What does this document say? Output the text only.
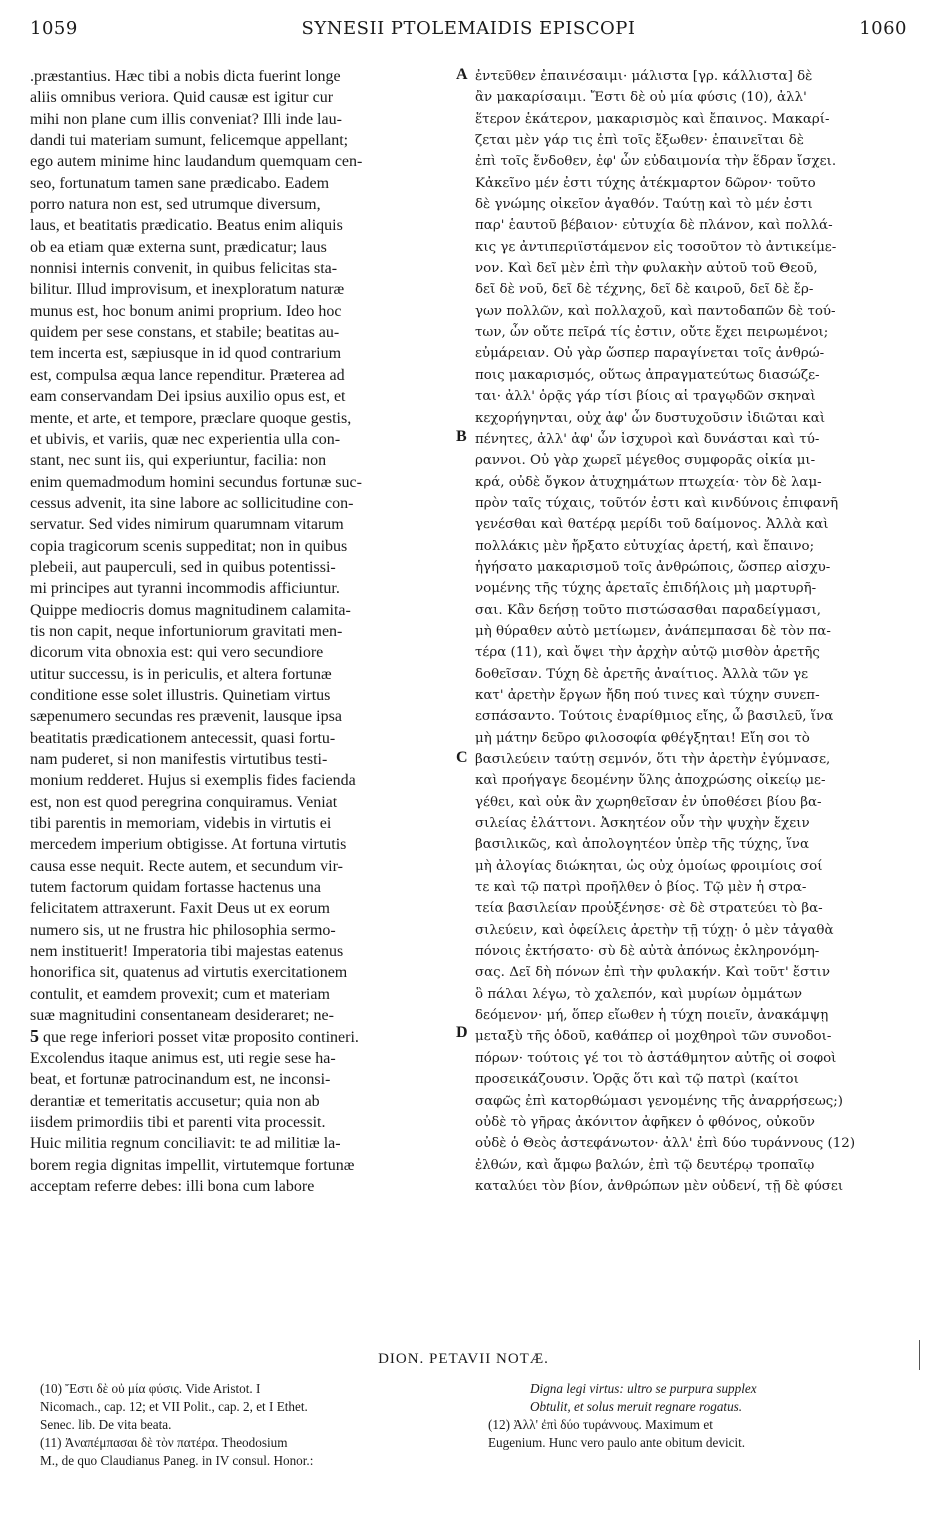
1059	SYNESII PTOLEMAIDIS EPISCOPI	1060
.præstantius. Hæc tibi a nobis dicta fuerint longe
aliis omnibus veriora. Quid causæ est igitur cur
mihi non plane cum illis conveniat? Illi inde lau-
dandi tui materiam sumunt, felicemque appellant;
ego autem minime hinc laudandum quemquam cen-
seo, fortunatum tamen sane prædicabo. Eadem
porro natura non est, sed utrumque diversum,
laus, et beatitatis prædicatio. Beatus enim aliquis
ob ea etiam quæ externa sunt, prædicatur; laus
nonnisi internis convenit, in quibus felicitas sta-
bilitur. Illud improvisum, et inexploratum naturæ
munus est, hoc bonum animi proprium. Ideo hoc
quidem per sese constans, et stabile; beatitas au-
tem incerta est, sæpiusque in id quod contrarium
est, compulsa æqua lance rependitur. Præterea ad
eam conservandam Dei ipsius auxilio opus est, et
mente, et arte, et tempore, præclare quoque gestis,
et ubivis, et variis, quæ nec experientia ulla con-
stant, nec sunt iis, qui experiuntur, facilia: non
enim quemadmodum homini secundus fortunæ suc-
cessus advenit, ita sine labore ac sollicitudine con-
servatur. Sed vides nimirum quarumnam vitarum
copia tragicorum scenis suppeditat; non in quibus
plebeii, aut pauperculi, sed in quibus potentissi-
mi principes aut tyranni incommodis afficiuntur.
Quippe mediocris domus magnitudinem calamita-
tis non capit, neque infortuniorum gravitati men-
dicorum vita obnoxia est: qui vero secundiore
utitur successu, is in periculis, et altera fortunæ
conditione esse solet illustris. Quinetiam virtus
sæpenumero secundas res prævenit, lausque ipsa
beatitatis prædicationem antecessit, quasi fortu-
nam puderet, si non manifestis virtutibus testi-
monium redderet. Hujus si exemplis fides facienda
est, non est quod peregrina conquiramus. Veniat
tibi parentis in memoriam, videbis in virtutis ei
mercedem imperium obtigisse. At fortuna virtutis
causa esse nequit. Recte autem, et secundum vir-
tutem factorum quidam fortasse hactenus una
felicitatem attraxerunt. Faxit Deus ut ex eorum
numero sis, ut ne frustra hic philosophia sermo-
nem instituerit! Imperatoria tibi majestas eatenus
honorifica sit, quatenus ad virtutis exercitationem
contulit, et eamdem provexit; cum et materiam
suæ magnitudini consentaneam desideraret; ne-
5 que rege inferiori posset vitæ proposito contineri.
Excolendus itaque animus est, uti regie sese ha-
beat, et fortunæ patrocinandum est, ne inconsi-
derantiæ et temeritatis accusetur; quia non ab
iisdem primordiis tibi et parenti vita processit.
Huic militia regnum conciliavit: te ad militiæ la-
borem regia dignitas impellit, virtutemque fortunæ
acceptam referre debes: illi bona cum labore
ἐντεῦθεν ἐπαινέσαιμι· μάλιστα [γρ. κάλλιστα] δὲ
ἂν μακαρίσαιμι. Ἔστι δὲ οὐ μία φύσις (10), ἀλλ'
ἕτερον ἑκάτερον, μακαρισμὸς καὶ ἔπαινος. Μακαρί-
ζεται μὲν γάρ τις ἐπὶ τοῖς ἔξωθεν· ἐπαινεῖται δὲ
ἐπὶ τοῖς ἔνδοθεν, ἐφ' ὧν εὐδαιμονία τὴν ἕδραν ἴσχει.
Κἀκεῖνο μέν ἐστι τύχης ἀτέκμαρτον δῶρον· τοῦτο
δὲ γνώμης οἰκεῖον ἀγαθόν. Ταύτῃ καὶ τὸ μέν ἐστι
παρ' ἑαυτοῦ βέβαιον· εὐτυχία δὲ πλάνον, καὶ πολλά-
κις γε ἀντιπεριϊστάμενον εἰς τοσοῦτον τὸ ἀντικείμε-
νον. Καὶ δεῖ μὲν ἐπὶ τὴν φυλακὴν αὐτοῦ τοῦ Θεοῦ,
δεῖ δὲ νοῦ, δεῖ δὲ τέχνης, δεῖ δὲ καιροῦ, δεῖ δὲ ἔρ-
γων πολλῶν, καὶ πολλαχοῦ, καὶ παντοδαπῶν δὲ τού-
των, ὧν οὔτε πεῖρά τίς ἐστιν, οὔτε ἔχει πειρωμένοι;
εὐμάρειαν. Οὐ γὰρ ὥσπερ παραγίνεται τοῖς ἀνθρώ-
ποις μακαρισμός, οὕτως ἀπραγματεύτως διασώζε-
ται· ἀλλ' ὁρᾷς γάρ τίσι βίοις αἱ τραγῳδῶν σκηναὶ
κεχορήγηνται, οὐχ ἀφ' ὧν δυστυχοῦσιν ἰδιῶται καὶ
πένητες, ἀλλ' ἀφ' ὧν ἰσχυροὶ καὶ δυνάσται καὶ τύ-
ραννοι. Οὐ γὰρ χωρεῖ μέγεθος συμφορᾶς οἰκία μι-
κρά, οὐδὲ ὄγκον ἀτυχημάτων πτωχεία· τὸν δὲ λαμ-
πρὸν ταῖς τύχαις, τοῦτόν ἐστι καὶ κινδύνοις ἐπιφανῆ
γενέσθαι καὶ θατέρᾳ μερίδι τοῦ δαίμονος. Ἀλλὰ καὶ
πολλάκις μὲν ἤρξατο εὐτυχίας ἀρετή, καὶ ἔπαινο;
ἡγήσατο μακαρισμοῦ τοῖς ἀνθρώποις, ὥσπερ αἰσχυ-
νομένης τῆς τύχης ἀρεταῖς ἐπιδήλοις μὴ μαρτυρῆ-
σαι. Κἂν δεήσῃ τοῦτο πιστώσασθαι παραδείγμασι,
μὴ θύραθεν αὐτὸ μετίωμεν, ἀνάπεμπασαι δὲ τὸν πα-
τέρα (11), καὶ ὄψει τὴν ἀρχὴν αὐτῷ μισθὸν ἀρετῆς
δοθεῖσαν. Τύχη δὲ ἀρετῆς ἀναίτιος. Ἀλλὰ τῶν γε
κατ' ἀρετὴν ἔργων ἤδη πού τινες καὶ τύχην συνεπ-
εσπάσαντο. Τούτοις ἐναρίθμιος εἴης, ὦ βασιλεῦ, ἵνα
μὴ μάτην δεῦρο φιλοσοφία φθέγξηται! Εἴη σοι τὸ
βασιλεύειν ταύτῃ σεμνόν, ὅτι τὴν ἀρετὴν ἐγύμνασε,
καὶ προήγαγε δεομένην ὕλης ἀποχρώσης οἰκείῳ με-
γέθει, καὶ οὐκ ἂν χωρηθεῖσαν ἐν ὑποθέσει βίου βα-
σιλείας ἐλάττονι. Ἀσκητέον οὖν τὴν ψυχὴν ἔχειν
βασιλικῶς, καὶ ἀπολογητέον ὑπὲρ τῆς τύχης, ἵνα
μὴ ἀλογίας διώκηται, ὡς οὐχ ὁμοίως φροιμίοις σοί
τε καὶ τῷ πατρὶ προῆλθεν ὁ βίος. Τῷ μὲν ἡ στρα-
τεία βασιλείαν προὐξένησε· σὲ δὲ στρατεύει τὸ βα-
σιλεύειν, καὶ ὀφείλεις ἀρετὴν τῇ τύχῃ· ὁ μὲν τἀγαθὰ
πόνοις ἐκτήσατο· σὺ δὲ αὐτὰ ἀπόνως ἐκληρονόμη-
σας. Δεῖ δὴ πόνων ἐπὶ τὴν φυλακήν. Καὶ τοῦτ' ἔστιν
ὃ πάλαι λέγω, τὸ χαλεπόν, καὶ μυρίων ὀμμάτων
δεόμενον· μή, ὅπερ εἴωθεν ἡ τύχη ποιεῖν, ἀνακάμψῃ
μεταξὺ τῆς ὁδοῦ, καθάπερ οἱ μοχθηροὶ τῶν συνοδοι-
πόρων· τούτοις γέ τοι τὸ ἀστάθμητον αὐτῆς οἱ σοφοὶ
προσεικάζουσιν. Ὁρᾷς ὅτι καὶ τῷ πατρὶ (καίτοι
σαφῶς ἐπὶ κατορθώμασι γενομένης τῆς ἀναρρήσεως;)
οὐδὲ τὸ γῆρας ἀκόνιτον ἀφῆκεν ὁ φθόνος, οὐκοῦν
οὐδὲ ὁ Θεὸς ἀστεφάνωτον· ἀλλ' ἐπὶ δύο τυράννους (12)
ἐλθών, καὶ ἄμφω βαλών, ἐπὶ τῷ δευτέρῳ τροπαῖῳ
καταλύει τὸν βίον, ἀνθρώπων μὲν οὐδενί, τῇ δὲ φύσει
A
B
C
D
DION. PETAVII NOTÆ.
(10) Ἔστι δὲ οὐ μία φύσις. Vide Aristot. I
Nicomach., cap. 12; et VII Polit., cap. 2, et I Ethet.
Senec. lib. De vita beata.
(11) Ἀναπέμπασαι δὲ τὸν πατέρα. Theodosium
M., de quo Claudianus Paneg. in IV consul. Honor.:
Digna legi virtus: ultro se purpura supplex
Obtulit, et solus meruit regnare rogatus.
(12) Ἀλλ' ἐπὶ δύο τυράννους. Maximum et
Eugenium. Hunc vero paulo ante obitum devicit.
